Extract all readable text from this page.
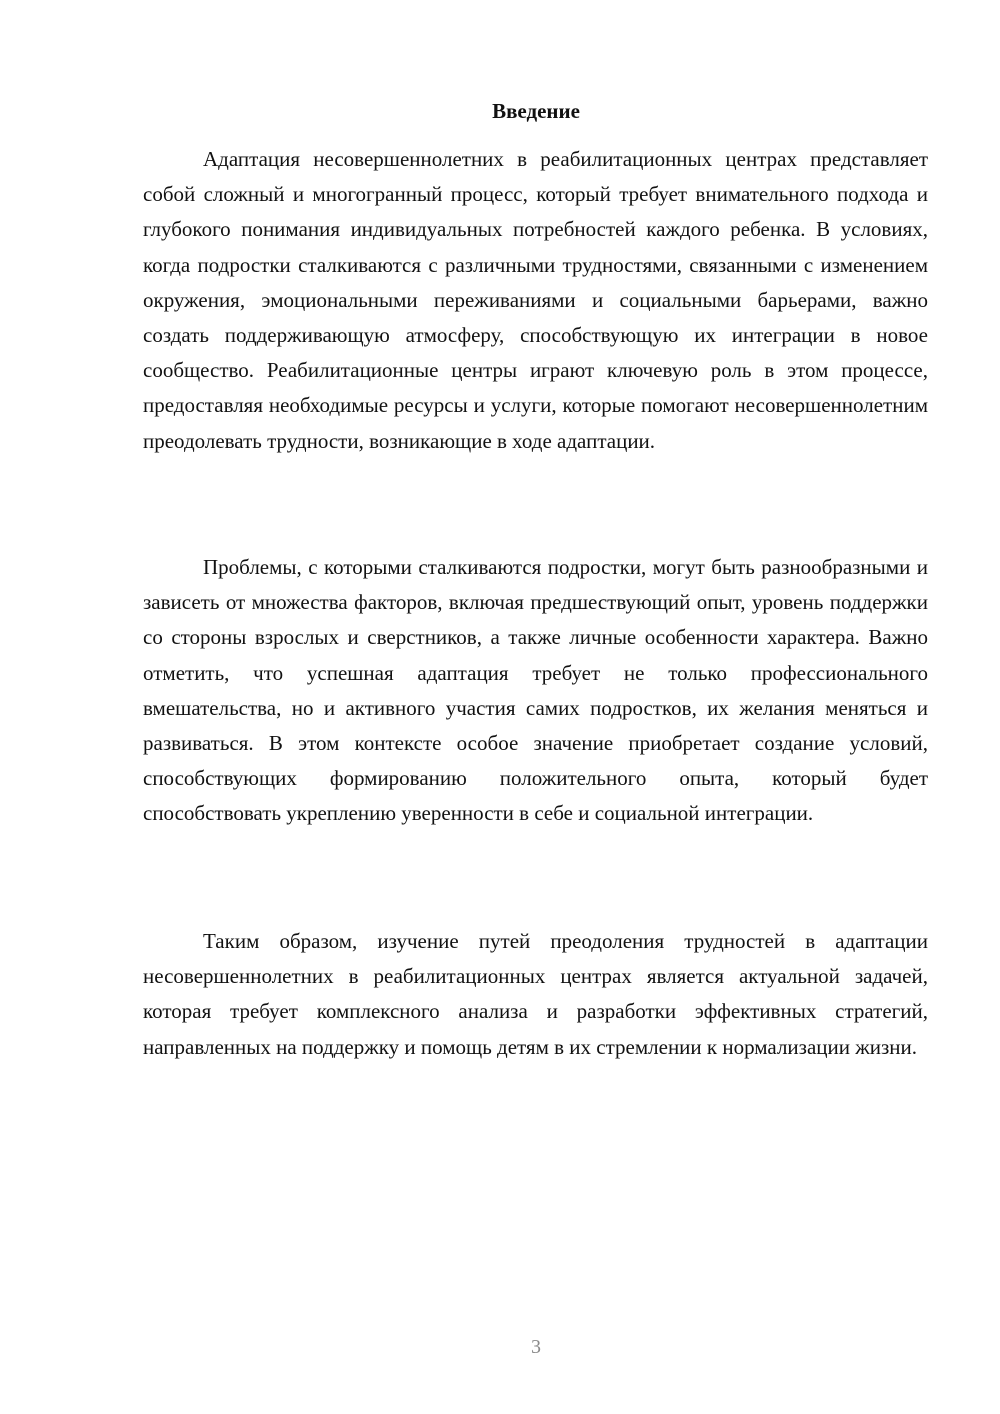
Введение

Адаптация несовершеннолетних в реабилитационных центрах представляет собой сложный и многогранный процесс, который требует внимательного подхода и глубокого понимания индивидуальных потребностей каждого ребенка. В условиях, когда подростки сталкиваются с различными трудностями, связанными с изменением окружения, эмоциональными переживаниями и социальными барьерами, важно создать поддерживающую атмосферу, способствующую их интеграции в новое сообщество. Реабилитационные центры играют ключевую роль в этом процессе, предоставляя необходимые ресурсы и услуги, которые помогают несовершеннолетним преодолевать трудности, возникающие в ходе адаптации.

Проблемы, с которыми сталкиваются подростки, могут быть разнообразными и зависеть от множества факторов, включая предшествующий опыт, уровень поддержки со стороны взрослых и сверстников, а также личные особенности характера. Важно отметить, что успешная адаптация требует не только профессионального вмешательства, но и активного участия самих подростков, их желания меняться и развиваться. В этом контексте особое значение приобретает создание условий, способствующих формированию положительного опыта, который будет способствовать укреплению уверенности в себе и социальной интеграции.

Таким образом, изучение путей преодоления трудностей в адаптации несовершеннолетних в реабилитационных центрах является актуальной задачей, которая требует комплексного анализа и разработки эффективных стратегий, направленных на поддержку и помощь детям в их стремлении к нормализации жизни.

3
